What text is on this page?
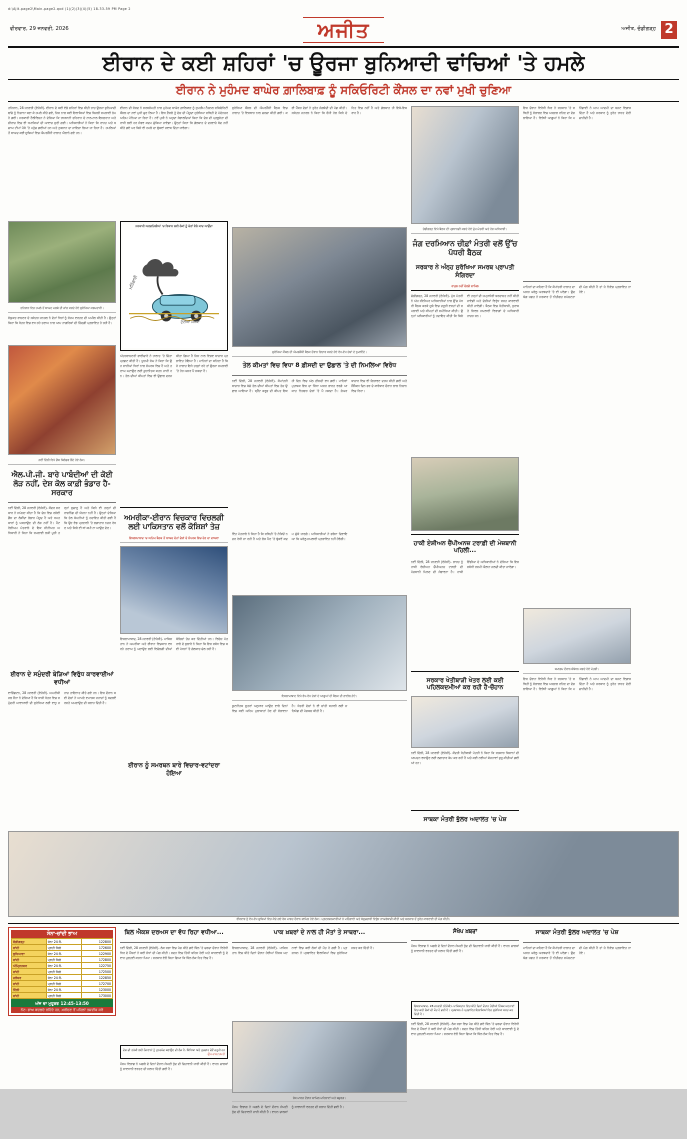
d:\Ajit-page2\Main-page2.qxd (1)(2)(3)(4)(5) 18-33-59 PM Page 2
ਵੀਰਵਾਰ, 29 ਜਨਵਰੀ, 2026	ਅਜੀਤ	ਅਜੀਤ, ਚੰਡੀਗੜ੍ਹ 2
ਈਰਾਨ ਦੇ ਕਈ ਸ਼ਹਿਰਾਂ 'ਚ ਊਰਜਾ ਬੁਨਿਆਦੀ ਢਾਂਚਿਆਂ 'ਤੇ ਹਮਲੇ
ਈਰਾਨ ਨੇ ਮੁਹੰਮਦ ਬਾਘੇਰ ਗ਼ਾਲਿਬਾਫ਼ ਨੂੰ ਸਕਿਓਰਿਟੀ ਕੌਂਸਲ ਦਾ ਨਵਾਂ ਮੁਖੀ ਚੁਣਿਆ
ਤਹਿਰਾਨ, 28 ਜਨਵਰੀ (ਏਜੰਸੀ)- ਈਰਾਨ ਦੇ ਕਈ ਵੱਡੇ ਸ਼ਹਿਰਾਂ ਵਿਚ ਬੀਤੀ ਰਾਤ ਊਰਜਾ ਬੁਨਿਆਦੀ ਢਾਂਚੇ ਨੂੰ ਨਿਸ਼ਾਨਾ ਬਣਾ ਕੇ ਹਮਲੇ ਕੀਤੇ ਗਏ, ਜਿਸ ਨਾਲ ਕਈ ਇਲਾਕਿਆਂ ਵਿਚ ਬਿਜਲੀ ਸਪਲਾਈ ਠੱਪ ਹੋ ਗਈ। ਸਰਕਾਰੀ ਟੈਲੀਵਿਜ਼ਨ ਨੇ ਦੱਸਿਆ ਕਿ ਰਾਜਧਾਨੀ ਤਹਿਰਾਨ ਦੇ ਨਾਲ-ਨਾਲ ਇਸਫ਼ਹਾਨ ਅਤੇ ਸ਼ੀਰਾਜ਼ ਵਿਚ ਵੀ ਧਮਾਕਿਆਂ ਦੀ ਆਵਾਜ਼ ਸੁਣੀ ਗਈ। ਅਧਿਕਾਰੀਆਂ ਨੇ ਕਿਹਾ ਕਿ ਰਾਹਤ ਅਤੇ ਬਚਾਅ ਟੀਮਾਂ ਮੌਕੇ 'ਤੇ ਪਹੁੰਚ ਗਈਆਂ ਹਨ ਅਤੇ ਨੁਕਸਾਨ ਦਾ ਜਾਇਜ਼ਾ ਲਿਆ ਜਾ ਰਿਹਾ ਹੈ। ਹਮਲਿਆਂ ਤੋਂ ਬਾਅਦ ਕਈ ਸੂਬਿਆਂ ਵਿਚ ਐਮਰਜੈਂਸੀ ਹਾਲਾਤ ਐਲਾਨੇ ਗਏ ਹਨ।
ਤਹਿਰਾਨ ਵਿਚ ਹਮਲੇ ਤੋਂ ਬਾਅਦ ਮਲਬੇ ਦੀ ਜਾਂਚ ਕਰਦੇ ਹੋਏ ਸੁਰੱਖਿਆ ਕਰਮਚਾਰੀ।
ਸੰਯੁਕਤ ਰਾਸ਼ਟਰ ਦੇ ਸਕੱਤਰ ਜਨਰਲ ਨੇ ਦੋਹਾਂ ਧਿਰਾਂ ਨੂੰ ਸੰਜਮ ਵਰਤਣ ਦੀ ਅਪੀਲ ਕੀਤੀ ਹੈ। ਉਨ੍ਹਾਂ ਕਿਹਾ ਕਿ ਖੇਤਰ ਵਿਚ ਵਧ ਰਹੇ ਤਣਾਅ ਨਾਲ ਆਮ ਨਾਗਰਿਕਾਂ ਦੀ ਜ਼ਿੰਦਗੀ ਪ੍ਰਭਾਵਿਤ ਹੋ ਰਹੀ ਹੈ।
ਨਵੀਂ ਦਿੱਲੀ ਵਿਖੇ ਗੈਸ ਸਿਲੰਡਰ ਲੈਂਦੇ ਹੋਏ ਲੋਕ।
ਐਲ.ਪੀ.ਜੀ. ਬਾਰੇ ਪਾਬੰਦੀਆਂ ਦੀ ਕੋਈ ਲੋੜ ਨਹੀਂ, ਦੇਸ਼ ਕੋਲ ਕਾਫ਼ੀ ਭੰਡਾਰ ਹੈ-ਸਰਕਾਰ
ਨਵੀਂ ਦਿੱਲੀ, 28 ਜਨਵਰੀ (ਏਜੰਸੀ)- ਕੇਂਦਰ ਸਰਕਾਰ ਨੇ ਸਪੱਸ਼ਟ ਕੀਤਾ ਹੈ ਕਿ ਦੇਸ਼ ਵਿਚ ਰਸੋਈ ਗੈਸ ਦਾ ਲੋੜੀਂਦਾ ਭੰਡਾਰ ਮੌਜੂਦ ਹੈ ਅਤੇ ਖਪਤਕਾਰਾਂ ਨੂੰ ਘਬਰਾਉਣ ਦੀ ਲੋੜ ਨਹੀਂ ਹੈ। ਪੈਟਰੋਲੀਅਮ ਮੰਤਰਾਲੇ ਦੇ ਇਕ ਸੀਨੀਅਰ ਅਧਿਕਾਰੀ ਨੇ ਕਿਹਾ ਕਿ ਸਪਲਾਈ ਲੜੀ ਪੂਰੀ ਤਰ੍ਹਾਂ ਸੁਚਾਰੂ ਹੈ ਅਤੇ ਕਿਸੇ ਵੀ ਤਰ੍ਹਾਂ ਦੀ ਰਾਸ਼ਨਿੰਗ ਦੀ ਯੋਜਨਾ ਨਹੀਂ ਹੈ। ਉਨ੍ਹਾਂ ਦੱਸਿਆ ਕਿ ਤੇਲ ਕੰਪਨੀਆਂ ਨੂੰ ਹਦਾਇਤ ਕੀਤੀ ਗਈ ਹੈ ਕਿ ਉਹ ਵੰਡ ਪ੍ਰਣਾਲੀ 'ਤੇ ਲਗਾਤਾਰ ਨਜ਼ਰ ਰੱਖਣ ਅਤੇ ਕਿਸੇ ਵੀ ਥਾਂ ਕਮੀ ਨਾ ਆਉਣ ਦੇਣ।
ਈਰਾਨ ਦੇ ਸਮੁੰਦਰੀ ਬੇੜਿਆਂ ਵਿਰੁੱਧ ਕਾਰਵਾਈਆਂ ਵਧੀਆਂ
ਵਾਸ਼ਿੰਗਟਨ, 28 ਜਨਵਰੀ (ਏਜੰਸੀ)- ਅਮਰੀਕੀ ਜਲ ਸੈਨਾ ਨੇ ਦੱਸਿਆ ਹੈ ਕਿ ਖਾੜੀ ਖੇਤਰ ਵਿਚ ਸਮੁੰਦਰੀ ਆਵਾਜਾਈ ਦੀ ਸੁਰੱਖਿਆ ਲਈ ਵਾਧੂ ਜਹਾਜ਼ ਤਾਇਨਾਤ ਕੀਤੇ ਗਏ ਹਨ। ਇਸ ਦੌਰਾਨ ਕਈ ਦੇਸ਼ਾਂ ਨੇ ਆਪਣੇ ਵਪਾਰਕ ਜਹਾਜ਼ਾਂ ਨੂੰ ਬਦਲਵੇਂ ਰਸਤੇ ਅਪਣਾਉਣ ਦੀ ਸਲਾਹ ਦਿੱਤੀ ਹੈ।
ਈਰਾਨ ਦੀ ਸੰਸਦ ਨੇ ਸਰਬਸੰਮਤੀ ਨਾਲ ਮੁਹੰਮਦ ਬਾਘੇਰ ਗ਼ਾਲਿਬਾਫ਼ ਨੂੰ ਸੁਪਰੀਮ ਨੈਸ਼ਨਲ ਸਕਿਓਰਿਟੀ ਕੌਂਸਲ ਦਾ ਨਵਾਂ ਮੁਖੀ ਚੁਣ ਲਿਆ ਹੈ। ਇਸ ਫ਼ੈਸਲੇ ਨੂੰ ਦੇਸ਼ ਦੀ ਮੌਜੂਦਾ ਸੁਰੱਖਿਆ ਸਥਿਤੀ ਦੇ ਮੱਦੇਨਜ਼ਰ ਅਹਿਮ ਮੰਨਿਆ ਜਾ ਰਿਹਾ ਹੈ। ਨਵੇਂ ਮੁਖੀ ਨੇ ਅਹੁਦਾ ਸੰਭਾਲਦਿਆਂ ਕਿਹਾ ਕਿ ਦੇਸ਼ ਦੀ ਪ੍ਰਭੂਸੱਤਾ ਦੀ ਰਾਖੀ ਲਈ ਹਰ ਸੰਭਵ ਕਦਮ ਚੁੱਕਿਆ ਜਾਵੇਗਾ। ਉਨ੍ਹਾਂ ਕਿਹਾ ਕਿ ਗੱਲਬਾਤ ਦੇ ਦਰਵਾਜ਼ੇ ਬੰਦ ਨਹੀਂ ਕੀਤੇ ਗਏ ਪਰ ਕਿਸੇ ਵੀ ਹਮਲੇ ਦਾ ਢੁੱਕਵਾਂ ਜਵਾਬ ਦਿੱਤਾ ਜਾਵੇਗਾ।
ਸਰਕਾਰੀ ਅਣਗਹਿਲੀਆਂ 'ਚ ਵਿਕਾਸ ਲਈ ਲੋਕਾਂ ਨੂੰ ਚੋਣਾਂ ਵੇਲੇ ਯਾਦ ਆਉਂਦਾ
ਮਹਿੰਗਾਈ
ਟੁੱਟੀਆਂ ਸੜਕਾਂ
ਅੰਤਰਰਾਸ਼ਟਰੀ ਭਾਈਚਾਰੇ ਨੇ ਹਾਲਾਤ 'ਤੇ ਚਿੰਤਾ ਪ੍ਰਗਟ ਕੀਤੀ ਹੈ। ਯੂਰਪੀ ਸੰਘ ਨੇ ਕਿਹਾ ਕਿ ਉਹ ਸਾਰੀਆਂ ਧਿਰਾਂ ਨਾਲ ਸੰਪਰਕ ਵਿਚ ਹੈ ਅਤੇ ਤਣਾਅ ਘਟਾਉਣ ਲਈ ਕੂਟਨੀਤਕ ਯਤਨ ਜਾਰੀ ਹਨ। ਤੇਲ ਦੀਆਂ ਕੀਮਤਾਂ ਵਿਚ ਵੀ ਉਛਾਲ ਦਰਜ ਕੀਤਾ ਗਿਆ ਹੈ ਜਿਸ ਨਾਲ ਵਿਸ਼ਵ ਬਾਜ਼ਾਰ ਪ੍ਰਭਾਵਿਤ ਹੋਇਆ ਹੈ। ਮਾਹਿਰਾਂ ਦਾ ਕਹਿਣਾ ਹੈ ਕਿ ਜੇ ਹਾਲਾਤ ਇਸੇ ਤਰ੍ਹਾਂ ਰਹੇ ਤਾਂ ਊਰਜਾ ਸਪਲਾਈ 'ਤੇ ਹੋਰ ਅਸਰ ਪੈ ਸਕਦਾ ਹੈ।
ਅਮਰੀਕਾ-ਈਰਾਨ ਵਿਚਕਾਰ ਵਿਚਲਗੀ ਲਈ ਪਾਕਿਸਤਾਨ ਵਲੋਂ ਕੋਸ਼ਿਸ਼ਾਂ ਤੇਜ਼
ਇਸਲਾਮਾਬਾਦ 'ਚ ਅਹਿਮ ਬੈਠਕ ਤੋਂ ਬਾਅਦ ਦੋਹਾਂ ਦੇਸ਼ਾਂ ਦੇ ਸੰਪਰਕ ਵਿਚ ਹੋਣ ਦਾ ਦਾਅਵਾ
ਇਸਲਾਮਾਬਾਦ, 28 ਜਨਵਰੀ (ਏਜੰਸੀ)- ਪਾਕਿਸਤਾਨ ਨੇ ਅਮਰੀਕਾ ਅਤੇ ਈਰਾਨ ਵਿਚਕਾਰ ਵਧ ਰਹੇ ਤਣਾਅ ਨੂੰ ਘਟਾਉਣ ਲਈ ਵਿਚੋਲਗੀ ਦੀਆਂ ਕੋਸ਼ਿਸ਼ਾਂ ਤੇਜ਼ ਕਰ ਦਿੱਤੀਆਂ ਹਨ। ਵਿਦੇਸ਼ ਮੰਤਰਾਲੇ ਦੇ ਬੁਲਾਰੇ ਨੇ ਕਿਹਾ ਕਿ ਇਸ ਸਬੰਧ ਵਿਚ ਕਈ ਪੱਧਰਾਂ 'ਤੇ ਗੱਲਬਾਤ ਚੱਲ ਰਹੀ ਹੈ।
ਈਰਾਨ ਨੂੰ ਸਮਰਥਨ ਬਾਰੇ ਵਿਚਾਰ-ਵਟਾਂਦਰਾ ਹੋਇਆ
ਸੁਰੱਖਿਆ ਕੌਂਸਲ ਦੀ ਐਮਰਜੈਂਸੀ ਬੈਠਕ ਵਿਚ ਹਾਲਾਤ 'ਤੇ ਵਿਸਥਾਰ ਨਾਲ ਚਰਚਾ ਕੀਤੀ ਗਈ। ਕਈ ਮੈਂਬਰ ਦੇਸ਼ਾਂ ਨੇ ਤੁਰੰਤ ਜੰਗਬੰਦੀ ਦੀ ਮੰਗ ਕੀਤੀ। ਸਕੱਤਰ ਜਨਰਲ ਨੇ ਕਿਹਾ ਕਿ ਫੌਜੀ ਹੱਲ ਕਿਸੇ ਦੇ ਹਿਤ ਵਿਚ ਨਹੀਂ ਹੈ ਅਤੇ ਗੱਲਬਾਤ ਹੀ ਇਕੋ-ਇਕ ਰਾਹ ਹੈ।
ਸੁਰੱਖਿਆ ਕੌਂਸਲ ਦੀ ਐਮਰਜੈਂਸੀ ਬੈਠਕ ਦੌਰਾਨ ਵਿਚਾਰ ਕਰਦੇ ਹੋਏ ਵੱਖ-ਵੱਖ ਦੇਸ਼ਾਂ ਦੇ ਨੁਮਾਇੰਦੇ।
ਤੇਲ ਕੀਮਤਾਂ ਵਿਚ ਵਿਧਾ 8 ਫ਼ੀਸਦੀ ਦਾ ਉਛਾਲ 'ਤੇ ਦੀ ਨਿਮਲਿਆ ਵਿਰੋਧ
ਨਵੀਂ ਦਿੱਲੀ, 28 ਜਨਵਰੀ (ਏਜੰਸੀ)- ਕੌਮਾਂਤਰੀ ਬਾਜ਼ਾਰ ਵਿਚ ਕੱਚੇ ਤੇਲ ਦੀਆਂ ਕੀਮਤਾਂ ਵਿਚ ਤੇਜ਼ ਉਛਾਲ ਆਇਆ ਹੈ। ਬ੍ਰੈਂਟ ਕਰੂਡ ਦੀ ਕੀਮਤ ਇਕ ਹੀ ਦਿਨ ਵਿਚ ਅੱਠ ਫ਼ੀਸਦੀ ਵਧ ਗਈ। ਮਾਹਿਰਾਂ ਮੁਤਾਬਕ ਇਸ ਦਾ ਸਿੱਧਾ ਅਸਰ ਭਾਰਤ ਵਰਗੇ ਆਯਾਤ ਨਿਰਭਰ ਦੇਸ਼ਾਂ 'ਤੇ ਪੈ ਸਕਦਾ ਹੈ। ਸ਼ੇਅਰ ਬਾਜ਼ਾਰ ਵਿਚ ਵੀ ਗਿਰਾਵਟ ਦਰਜ ਕੀਤੀ ਗਈ ਅਤੇ ਸੈਂਸੈਕਸ ਦਿਨ ਭਰ ਦੇ ਕਾਰੋਬਾਰ ਦੌਰਾਨ ਲਾਲ ਨਿਸ਼ਾਨ ਵਿਚ ਰਿਹਾ।
ਵਿੱਤ ਮੰਤਰਾਲੇ ਨੇ ਕਿਹਾ ਹੈ ਕਿ ਸਥਿਤੀ 'ਤੇ ਨੇੜਿਓਂ ਨਜ਼ਰ ਰੱਖੀ ਜਾ ਰਹੀ ਹੈ ਅਤੇ ਲੋੜ ਪੈਣ 'ਤੇ ਢੁੱਕਵੇਂ ਕਦਮ ਚੁੱਕੇ ਜਾਣਗੇ। ਅਧਿਕਾਰੀਆਂ ਨੇ ਭਰੋਸਾ ਦਿਵਾਇਆ ਕਿ ਘਰੇਲੂ ਸਪਲਾਈ ਪ੍ਰਭਾਵਿਤ ਨਹੀਂ ਹੋਵੇਗੀ।
ਇਸਲਾਮਾਬਾਦ ਵਿਖੇ ਵੱਖ-ਵੱਖ ਦੇਸ਼ਾਂ ਦੇ ਆਗੂਆਂ ਦੀ ਬੈਠਕ ਦੀ ਫ਼ਾਈਲ ਫ਼ੋਟੋ।
ਕੂਟਨੀਤਕ ਸੂਤਰਾਂ ਅਨੁਸਾਰ ਆਉਣ ਵਾਲੇ ਦਿਨਾਂ ਵਿਚ ਕਈ ਅਹਿਮ ਮੁਲਾਕਾਤਾਂ ਹੋਣ ਦੀ ਸੰਭਾਵਨਾ ਹੈ। ਖੇਤਰੀ ਦੇਸ਼ਾਂ ਨੇ ਵੀ ਸ਼ਾਂਤੀ ਬਹਾਲੀ ਲਈ ਸਹਿਯੋਗ ਦੀ ਪੇਸ਼ਕਸ਼ ਕੀਤੀ ਹੈ।
ਚੰਡੀਗੜ੍ਹ ਵਿਖੇ ਬੈਠਕ ਦੀ ਪ੍ਰਧਾਨਗੀ ਕਰਦੇ ਹੋਏ ਮੁੱਖ ਮੰਤਰੀ ਅਤੇ ਹੋਰ ਅਧਿਕਾਰੀ।
ਜੰਗ ਦਰਮਿਆਨ ਚੀਫ਼ਾਂ ਮੰਤਰੀ ਵਲੋਂ ਉੱਚ ਪੱਧਰੀ ਬੈਠਕ
ਸਰਕਾਰ ਨੇ ਅੰਨ੍ਹ ਸੁਰੱਖਿਆ ਸਮਰਥ ਪ੍ਰਾਪਤੀ ਸੰਗਿਰਦਾ
ਰਾਹੁਲ ਨਹੀਂ ਦੇਣਗੇ ਸ਼ਾਮਿਲ
ਚੰਡੀਗੜ੍ਹ, 28 ਜਨਵਰੀ (ਏਜੰਸੀ)- ਮੁੱਖ ਮੰਤਰੀ ਨੇ ਅੱਜ ਸੀਨੀਅਰ ਅਧਿਕਾਰੀਆਂ ਨਾਲ ਉੱਚ ਪੱਧਰੀ ਬੈਠਕ ਕਰਕੇ ਸੂਬੇ ਵਿਚ ਜ਼ਰੂਰੀ ਵਸਤਾਂ ਦੀ ਸਪਲਾਈ ਅਤੇ ਕੀਮਤਾਂ ਦੀ ਸਮੀਖਿਆ ਕੀਤੀ। ਉਨ੍ਹਾਂ ਅਧਿਕਾਰੀਆਂ ਨੂੰ ਹਦਾਇਤ ਕੀਤੀ ਕਿ ਕਿਸੇ ਵੀ ਤਰ੍ਹਾਂ ਦੀ ਜਮ੍ਹਾਖੋਰੀ ਬਰਦਾਸ਼ਤ ਨਹੀਂ ਕੀਤੀ ਜਾਵੇਗੀ ਅਤੇ ਦੋਸ਼ੀਆਂ ਵਿਰੁੱਧ ਸਖ਼ਤ ਕਾਰਵਾਈ ਕੀਤੀ ਜਾਵੇਗੀ। ਬੈਠਕ ਵਿਚ ਖੇਤੀਬਾੜੀ, ਖੁਰਾਕ ਤੇ ਸਿਵਲ ਸਪਲਾਈ ਵਿਭਾਗਾਂ ਦੇ ਅਧਿਕਾਰੀ ਹਾਜ਼ਰ ਸਨ।
ਹਾਕੀ ਏਸ਼ੀਅਨ ਚੈਂਪੀਅਨਜ਼ ਟਰਾਫ਼ੀ ਦੀ ਮੇਜ਼ਬਾਨੀ ਪਹਿਲੀ...
ਨਵੀਂ ਦਿੱਲੀ, 28 ਜਨਵਰੀ (ਏਜੰਸੀ)- ਭਾਰਤ ਨੂੰ ਹਾਕੀ ਏਸ਼ੀਅਨ ਚੈਂਪੀਅਨਜ਼ ਟਰਾਫ਼ੀ ਦੀ ਮੇਜ਼ਬਾਨੀ ਮਿਲਣ ਦੀ ਸੰਭਾਵਨਾ ਹੈ। ਹਾਕੀ ਇੰਡੀਆ ਦੇ ਅਧਿਕਾਰੀਆਂ ਨੇ ਦੱਸਿਆ ਕਿ ਇਸ ਸਬੰਧੀ ਰਸਮੀ ਐਲਾਨ ਜਲਦੀ ਕੀਤਾ ਜਾਵੇਗਾ।
ਸਰਕਾਰ ਖੇਤੀਬਾੜੀ ਖੇਤਰ ਲਈ ਕਈ ਪਹਿਲਕਦਮੀਆਂ ਕਰ ਰਹੀ ਹੈ-ਚੌਹਾਨ
ਨਵੀਂ ਦਿੱਲੀ, 28 ਜਨਵਰੀ (ਏਜੰਸੀ)- ਕੇਂਦਰੀ ਖੇਤੀਬਾੜੀ ਮੰਤਰੀ ਨੇ ਕਿਹਾ ਕਿ ਸਰਕਾਰ ਕਿਸਾਨਾਂ ਦੀ ਆਮਦਨ ਵਧਾਉਣ ਲਈ ਲਗਾਤਾਰ ਕੰਮ ਕਰ ਰਹੀ ਹੈ ਅਤੇ ਕਈ ਨਵੀਆਂ ਯੋਜਨਾਵਾਂ ਸ਼ੁਰੂ ਕੀਤੀਆਂ ਗਈਆਂ ਹਨ।
ਸਾਬਕਾ ਮੰਤਰੀ ਭੁੱਲਰ ਅਦਾਲਤ 'ਚ ਪੇਸ਼
ਇਸ ਦੌਰਾਨ ਵਿਰੋਧੀ ਧਿਰ ਨੇ ਸਰਕਾਰ 'ਤੇ ਸਥਿਤੀ ਨੂੰ ਸੰਭਾਲਣ ਵਿਚ ਅਸਫ਼ਲ ਰਹਿਣ ਦਾ ਦੋਸ਼ ਲਾਇਆ ਹੈ। ਵਿਰੋਧੀ ਆਗੂਆਂ ਨੇ ਕਿਹਾ ਕਿ ਮਹਿੰਗਾਈ ਨੇ ਆਮ ਆਦਮੀ ਦਾ ਬਜਟ ਵਿਗਾੜ ਦਿੱਤਾ ਹੈ ਅਤੇ ਸਰਕਾਰ ਨੂੰ ਤੁਰੰਤ ਰਾਹਤ ਦੇਣੀ ਚਾਹੀਦੀ ਹੈ।
ਮਾਹਿਰਾਂ ਦਾ ਕਹਿਣਾ ਹੈ ਕਿ ਕੌਮਾਂਤਰੀ ਹਾਲਾਤ ਦਾ ਅਸਰ ਘਰੇਲੂ ਅਰਥਚਾਰੇ 'ਤੇ ਵੀ ਪਵੇਗਾ। ਉਦਯੋਗ ਜਗਤ ਨੇ ਸਰਕਾਰ ਤੋਂ ਨੀਤੀਗਤ ਸਪੱਸ਼ਟਤਾ ਦੀ ਮੰਗ ਕੀਤੀ ਹੈ ਤਾਂ ਜੋ ਨਿਵੇਸ਼ ਪ੍ਰਭਾਵਿਤ ਨਾ ਹੋਵੇ।
ਸਮਾਗਮ ਦੌਰਾਨ ਸੰਬੋਧਨ ਕਰਦੇ ਹੋਏ ਮੰਤਰੀ।
ਇਸ ਦੌਰਾਨ ਵਿਰੋਧੀ ਧਿਰ ਨੇ ਸਰਕਾਰ 'ਤੇ ਸਥਿਤੀ ਨੂੰ ਸੰਭਾਲਣ ਵਿਚ ਅਸਫ਼ਲ ਰਹਿਣ ਦਾ ਦੋਸ਼ ਲਾਇਆ ਹੈ। ਵਿਰੋਧੀ ਆਗੂਆਂ ਨੇ ਕਿਹਾ ਕਿ ਮਹਿੰਗਾਈ ਨੇ ਆਮ ਆਦਮੀ ਦਾ ਬਜਟ ਵਿਗਾੜ ਦਿੱਤਾ ਹੈ ਅਤੇ ਸਰਕਾਰ ਨੂੰ ਤੁਰੰਤ ਰਾਹਤ ਦੇਣੀ ਚਾਹੀਦੀ ਹੈ।
ਵੀਰਵਾਰ ਨੂੰ ਵੱਖ-ਵੱਖ ਸੂਬਿਆਂ ਵਿਚ ਕੱਢੇ ਗਏ ਰੋਸ ਮਾਰਚ ਦੌਰਾਨ ਸ਼ਾਮਿਲ ਹੋਏ ਲੋਕ। ਪ੍ਰਦਰਸ਼ਨਕਾਰੀਆਂ ਨੇ ਮਹਿੰਗਾਈ ਅਤੇ ਬੇਰੁਜ਼ਗਾਰੀ ਵਿਰੁੱਧ ਨਾਅਰੇਬਾਜ਼ੀ ਕੀਤੀ ਅਤੇ ਸਰਕਾਰ ਤੋਂ ਤੁਰੰਤ ਕਾਰਵਾਈ ਦੀ ਮੰਗ ਕੀਤੀ।
ਸੋਨਾ-ਚਾਂਦੀ ਭਾਅ
ਚੰਡੀਗੜ੍ਹ	ਸੋਨਾ 24 ਕੈ.	122800
ਚਾਂਦੀ	ਪ੍ਰਤੀ ਕਿਲੋ	172600
ਲੁਧਿਆਣਾ	ਸੋਨਾ 24 ਕੈ.	122900
ਚਾਂਦੀ	ਪ੍ਰਤੀ ਕਿਲੋ	172800
ਅੰਮ੍ਰਿਤਸਰ	ਸੋਨਾ 24 ਕੈ.	122750
ਚਾਂਦੀ	ਪ੍ਰਤੀ ਕਿਲੋ	172500
ਜਲੰਧਰ	ਸੋਨਾ 24 ਕੈ.	122850
ਚਾਂਦੀ	ਪ੍ਰਤੀ ਕਿਲੋ	172700
ਦਿੱਲੀ	ਸੋਨਾ 24 ਕੈ.	123000
ਚਾਂਦੀ	ਪ੍ਰਤੀ ਕਿਲੋ	173000
ਅੱਜ ਦਾ ਮੁਹੂਰਤ 12:45-13:50
ਨੋਟ: ਭਾਅ ਬਦਲਦੇ ਰਹਿੰਦੇ ਹਨ, ਖ਼ਰੀਦਣ ਤੋਂ ਪਹਿਲਾਂ ਤਸਦੀਕ ਕਰੋ
ਬਿਲ ਐਕਸ਼ ਦਰਅਸ ਦਾ ਵੱਧ ਰਿਹਾ ਵਧੀਆ...
ਨਵੀਂ ਦਿੱਲੀ, 28 ਜਨਵਰੀ (ਏਜੰਸੀ)- ਲੋਕ ਸਭਾ ਵਿਚ ਪੇਸ਼ ਕੀਤੇ ਗਏ ਬਿੱਲ 'ਤੇ ਚਰਚਾ ਦੌਰਾਨ ਵਿਰੋਧੀ ਧਿਰ ਦੇ ਮੈਂਬਰਾਂ ਨੇ ਕਈ ਸੋਧਾਂ ਦੀ ਮੰਗ ਕੀਤੀ। ਸਦਨ ਵਿਚ ਤਿੱਖੀ ਬਹਿਸ ਹੋਈ ਅਤੇ ਕਾਰਵਾਈ ਨੂੰ ਦੋ ਵਾਰ ਮੁਲਤਵੀ ਕਰਨਾ ਪਿਆ। ਸਰਕਾਰ ਵੱਲੋਂ ਕਿਹਾ ਗਿਆ ਕਿ ਬਿੱਲ ਲੋਕ ਹਿਤ ਵਿਚ ਹੈ।
ਦੇਸ਼ ਦੀ ਤਰੱਕੀ ਲਈ ਨੌਜਵਾਨਾਂ ਨੂੰ ਹੁਨਰਮੰਦ ਬਣਾਉਣ ਦੀ ਲੋੜ ਹੈ, ਸਿੱਖਿਆ ਅਤੇ ਰੁਜ਼ਗਾਰ ਦੋਵੇਂ ਜ਼ਰੂਰੀ ਹਨ
-ਉਪ-ਰਾਸ਼ਟਰਪਤੀ
ਮੌਸਮ ਵਿਭਾਗ ਨੇ ਅਗਲੇ ਦੋ ਦਿਨਾਂ ਦੌਰਾਨ ਸੰਘਣੀ ਧੁੰਦ ਦੀ ਚਿਤਾਵਨੀ ਜਾਰੀ ਕੀਤੀ ਹੈ। ਵਾਹਨ ਚਾਲਕਾਂ ਨੂੰ ਸਾਵਧਾਨੀ ਵਰਤਣ ਦੀ ਸਲਾਹ ਦਿੱਤੀ ਗਈ ਹੈ।
ਪਾਕ ਖ਼ਬਰਾਂ ਦੇ ਨਾਲ ਹੀ ਮੌਤਾਂ ਤੇ ਸਾਥਰਾ...
ਇਸਲਾਮਾਬਾਦ, 28 ਜਨਵਰੀ (ਏਜੰਸੀ)- ਪਾਕਿਸਤਾਨ ਵਿਚ ਬੀਤੇ ਦਿਨਾਂ ਦੌਰਾਨ ਹੋਈਆਂ ਹਿੰਸਕ ਘਟਨਾਵਾਂ ਵਿਚ ਕਈ ਲੋਕਾਂ ਦੀ ਮੌਤ ਹੋ ਗਈ ਹੈ। ਪ੍ਰਸ਼ਾਸਨ ਨੇ ਪ੍ਰਭਾਵਿਤ ਇਲਾਕਿਆਂ ਵਿਚ ਸੁਰੱਖਿਆ ਸਖ਼ਤ ਕਰ ਦਿੱਤੀ ਹੈ।
ਰੋਸ ਮਾਰਚ ਦੌਰਾਨ ਸ਼ਾਮਿਲ ਮਹਿਲਾਵਾਂ ਅਤੇ ਬਜ਼ੁਰਗ।
ਮੌਸਮ ਵਿਭਾਗ ਨੇ ਅਗਲੇ ਦੋ ਦਿਨਾਂ ਦੌਰਾਨ ਸੰਘਣੀ ਧੁੰਦ ਦੀ ਚਿਤਾਵਨੀ ਜਾਰੀ ਕੀਤੀ ਹੈ। ਵਾਹਨ ਚਾਲਕਾਂ ਨੂੰ ਸਾਵਧਾਨੀ ਵਰਤਣ ਦੀ ਸਲਾਹ ਦਿੱਤੀ ਗਈ ਹੈ।
ਸੰਖੇਪ ਖ਼ਬਰਾਂ
ਮੌਸਮ ਵਿਭਾਗ ਨੇ ਅਗਲੇ ਦੋ ਦਿਨਾਂ ਦੌਰਾਨ ਸੰਘਣੀ ਧੁੰਦ ਦੀ ਚਿਤਾਵਨੀ ਜਾਰੀ ਕੀਤੀ ਹੈ। ਵਾਹਨ ਚਾਲਕਾਂ ਨੂੰ ਸਾਵਧਾਨੀ ਵਰਤਣ ਦੀ ਸਲਾਹ ਦਿੱਤੀ ਗਈ ਹੈ।
ਇਸਲਾਮਾਬਾਦ, 28 ਜਨਵਰੀ (ਏਜੰਸੀ)- ਪਾਕਿਸਤਾਨ ਵਿਚ ਬੀਤੇ ਦਿਨਾਂ ਦੌਰਾਨ ਹੋਈਆਂ ਹਿੰਸਕ ਘਟਨਾਵਾਂ ਵਿਚ ਕਈ ਲੋਕਾਂ ਦੀ ਮੌਤ ਹੋ ਗਈ ਹੈ। ਪ੍ਰਸ਼ਾਸਨ ਨੇ ਪ੍ਰਭਾਵਿਤ ਇਲਾਕਿਆਂ ਵਿਚ ਸੁਰੱਖਿਆ ਸਖ਼ਤ ਕਰ ਦਿੱਤੀ ਹੈ।
ਨਵੀਂ ਦਿੱਲੀ, 28 ਜਨਵਰੀ (ਏਜੰਸੀ)- ਲੋਕ ਸਭਾ ਵਿਚ ਪੇਸ਼ ਕੀਤੇ ਗਏ ਬਿੱਲ 'ਤੇ ਚਰਚਾ ਦੌਰਾਨ ਵਿਰੋਧੀ ਧਿਰ ਦੇ ਮੈਂਬਰਾਂ ਨੇ ਕਈ ਸੋਧਾਂ ਦੀ ਮੰਗ ਕੀਤੀ। ਸਦਨ ਵਿਚ ਤਿੱਖੀ ਬਹਿਸ ਹੋਈ ਅਤੇ ਕਾਰਵਾਈ ਨੂੰ ਦੋ ਵਾਰ ਮੁਲਤਵੀ ਕਰਨਾ ਪਿਆ। ਸਰਕਾਰ ਵੱਲੋਂ ਕਿਹਾ ਗਿਆ ਕਿ ਬਿੱਲ ਲੋਕ ਹਿਤ ਵਿਚ ਹੈ।
ਸਾਬਕਾ ਮੰਤਰੀ ਭੁੱਲਰ ਅਦਾਲਤ 'ਚ ਪੇਸ਼
ਮਾਹਿਰਾਂ ਦਾ ਕਹਿਣਾ ਹੈ ਕਿ ਕੌਮਾਂਤਰੀ ਹਾਲਾਤ ਦਾ ਅਸਰ ਘਰੇਲੂ ਅਰਥਚਾਰੇ 'ਤੇ ਵੀ ਪਵੇਗਾ। ਉਦਯੋਗ ਜਗਤ ਨੇ ਸਰਕਾਰ ਤੋਂ ਨੀਤੀਗਤ ਸਪੱਸ਼ਟਤਾ ਦੀ ਮੰਗ ਕੀਤੀ ਹੈ ਤਾਂ ਜੋ ਨਿਵੇਸ਼ ਪ੍ਰਭਾਵਿਤ ਨਾ ਹੋਵੇ।
